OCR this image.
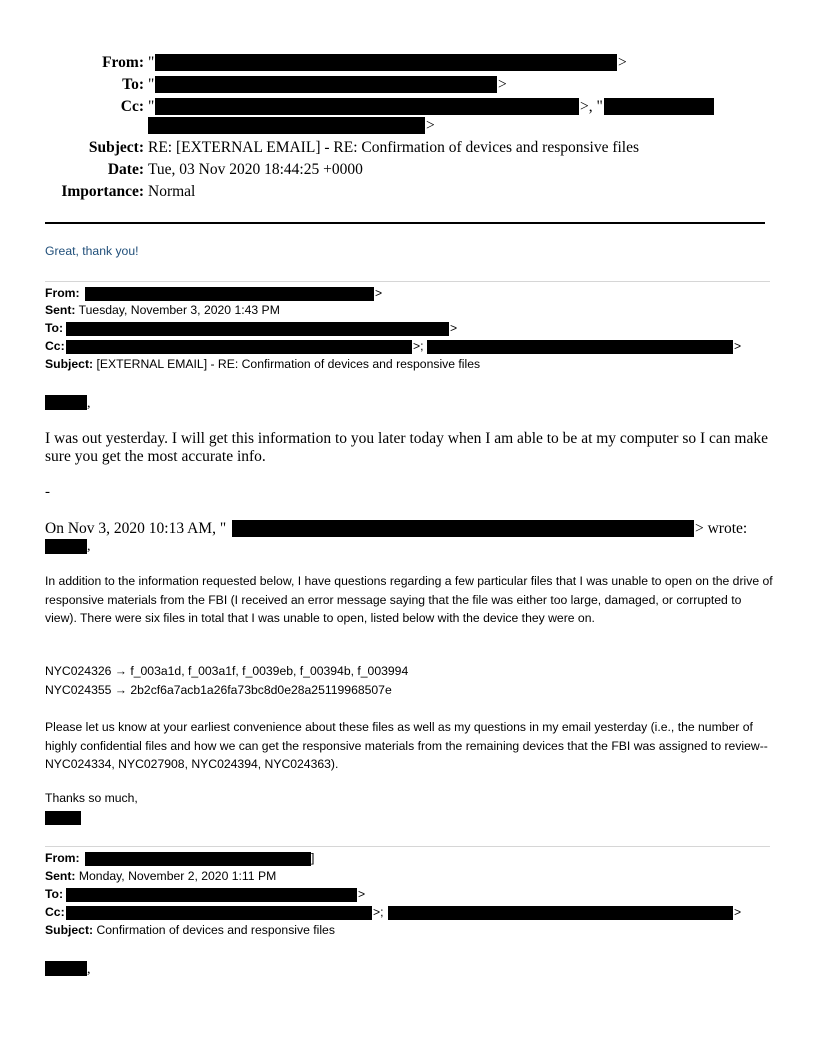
From: "	>
To: "	>
Cc: "	>, "
>
Subject: RE: [EXTERNAL EMAIL] - RE: Confirmation of devices and responsive files
Date: Tue, 03 Nov 2020 18:44:25 +0000
Importance: Normal
Great, thank you!
From:	>
Sent: Tuesday, November 3, 2020 1:43 PM
To:	>
Cc:	>;	>
Subject: [EXTERNAL EMAIL] - RE: Confirmation of devices and responsive files
,
I was out yesterday. I will get this information to you later today when I am able to be at my computer so I can make sure you get the most accurate info.
-
On Nov 3, 2020 10:13 AM, "	> wrote:
,
In addition to the information requested below, I have questions regarding a few particular files that I was unable to open on the drive of responsive materials from the FBI (I received an error message saying that the file was either too large, damaged, or corrupted to view). There were six files in total that I was unable to open, listed below with the device they were on.
NYC024326 → f_003a1d, f_003a1f, f_0039eb, f_00394b, f_003994
NYC024355 → 2b2cf6a7acb1a26fa73bc8d0e28a25119968507e
Please let us know at your earliest convenience about these files as well as my questions in my email yesterday (i.e., the number of highly confidential files and how we can get the responsive materials from the remaining devices that the FBI was assigned to review-- NYC024334, NYC027908, NYC024394, NYC024363).
Thanks so much,
From:	]
Sent: Monday, November 2, 2020 1:11 PM
To:	>
Cc:	>;	>
Subject: Confirmation of devices and responsive files
,
